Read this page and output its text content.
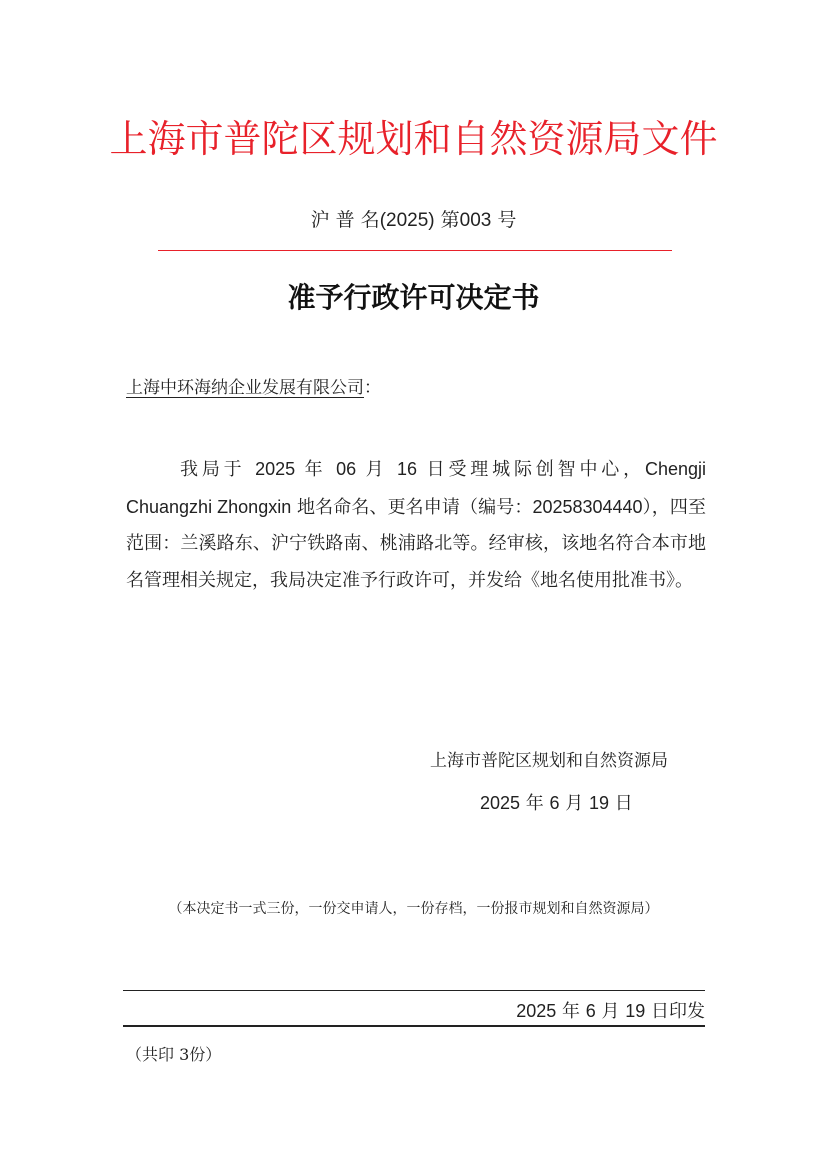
上海市普陀区规划和自然资源局文件
沪 普 名(2025) 第003 号
准予行政许可决定书
上海中环海纳企业发展有限公司：
我局于 2025 年 06 月 16 日受理城际创智中心，Chengji Chuangzhi Zhongxin 地名命名、更名申请（编号：20258304440），四至范围：兰溪路东、沪宁铁路南、桃浦路北等。经审核，该地名符合本市地名管理相关规定，我局决定准予行政许可，并发给《地名使用批准书》。
上海市普陀区规划和自然资源局
2025 年 6 月 19 日
（本决定书一式三份，一份交申请人，一份存档，一份报市规划和自然资源局）
2025 年 6 月 19 日印发
（共印 3份）
